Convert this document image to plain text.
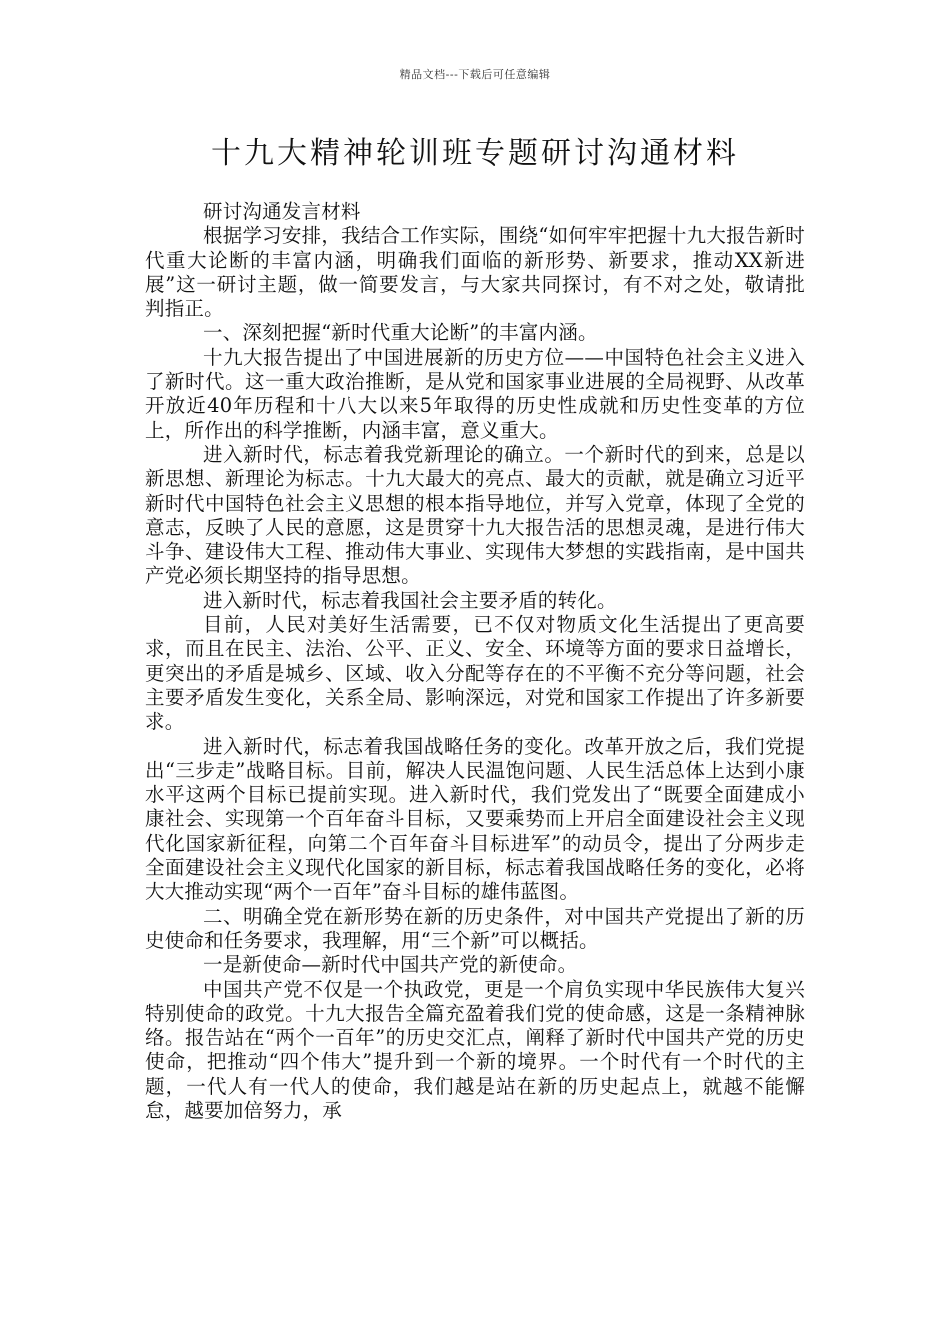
精品文档---下载后可任意编辑
十九大精神轮训班专题研讨沟通材料

研讨沟通发言材料

根据学习安排，我结合工作实际，围绕“如何牢牢把握十九大报告新时代重大论断的丰富内涵，明确我们面临的新形势、新要求，推动XX新进展”这一研讨主题，做一简要发言，与大家共同探讨，有不对之处，敬请批判指正。

一、深刻把握“新时代重大论断”的丰富内涵。

十九大报告提出了中国进展新的历史方位——中国特色社会主义进入了新时代。这一重大政治推断，是从党和国家事业进展的全局视野、从改革开放近40年历程和十八大以来5年取得的历史性成就和历史性变革的方位上，所作出的科学推断，内涵丰富，意义重大。

进入新时代，标志着我党新理论的确立。一个新时代的到来，总是以新思想、新理论为标志。十九大最大的亮点、最大的贡献，就是确立习近平新时代中国特色社会主义思想的根本指导地位，并写入党章，体现了全党的意志，反映了人民的意愿，这是贯穿十九大报告活的思想灵魂，是进行伟大斗争、建设伟大工程、推动伟大事业、实现伟大梦想的实践指南，是中国共产党必须长期坚持的指导思想。

进入新时代，标志着我国社会主要矛盾的转化。

目前，人民对美好生活需要，已不仅对物质文化生活提出了更高要求，而且在民主、法治、公平、正义、安全、环境等方面的要求日益增长，更突出的矛盾是城乡、区域、收入分配等存在的不平衡不充分等问题，社会主要矛盾发生变化，关系全局、影响深远，对党和国家工作提出了许多新要求。

进入新时代，标志着我国战略任务的变化。改革开放之后，我们党提出“三步走”战略目标。目前，解决人民温饱问题、人民生活总体上达到小康水平这两个目标已提前实现。进入新时代，我们党发出了“既要全面建成小康社会、实现第一个百年奋斗目标，又要乘势而上开启全面建设社会主义现代化国家新征程，向第二个百年奋斗目标进军”的动员令，提出了分两步走全面建设社会主义现代化国家的新目标，标志着我国战略任务的变化，必将大大推动实现“两个一百年”奋斗目标的雄伟蓝图。

二、明确全党在新形势在新的历史条件，对中国共产党提出了新的历史使命和任务要求，我理解，用“三个新”可以概括。

一是新使命—新时代中国共产党的新使命。

中国共产党不仅是一个执政党，更是一个肩负实现中华民族伟大复兴特别使命的政党。十九大报告全篇充盈着我们党的使命感，这是一条精神脉络。报告站在“两个一百年”的历史交汇点，阐释了新时代中国共产党的历史使命，把推动“四个伟大”提升到一个新的境界。一个时代有一个时代的主题，一代人有一代人的使命，我们越是站在新的历史起点上，就越不能懈怠，越要加倍努力，承
